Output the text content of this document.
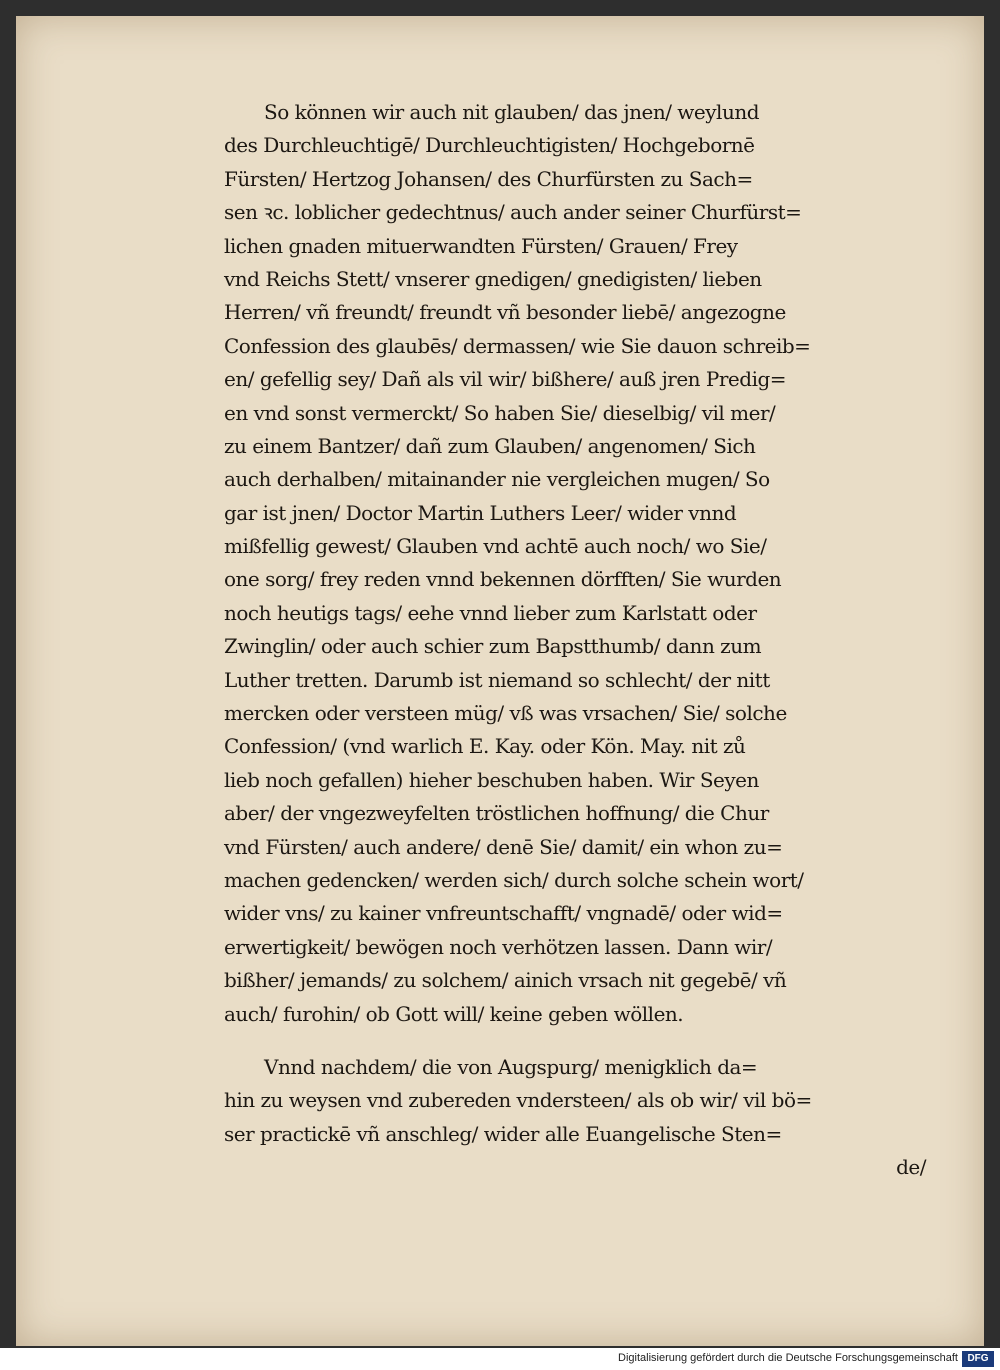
So können wir auch nit glauben/ das jnen/ weylund
des Durchleuchtigē/ Durchleuchtigisten/ Hochgebornē
Fürsten/ Hertzog Johansen/ des Churfürsten zu Sach=
sen ꝛc. loblicher gedechtnus/ auch ander seiner Churfürst=
lichen gnaden mituerwandten Fürsten/ Grauen/ Frey
vnd Reichs Stett/ vnserer gnedigen/ gnedigisten/ lieben
Herren/ vñ freundt/ freundt vñ besonder liebē/ angezogne
Confession des glaubēs/ dermassen/ wie Sie dauon schreib=
en/ gefellig sey/ Dañ als vil wir/ bißhere/ auß jren Predig=
en vnd sonst vermerckt/ So haben Sie/ dieselbig/ vil mer/
zu einem Bantzer/ dañ zum Glauben/ angenomen/ Sich
auch derhalben/ mitainander nie vergleichen mugen/ So
gar ist jnen/ Doctor Martin Luthers Leer/ wider vnnd
mißfellig gewest/ Glauben vnd achtē auch noch/ wo Sie/
one sorg/ frey reden vnnd bekennen dörfften/ Sie wurden
noch heutigs tags/ eehe vnnd lieber zum Karlstatt oder
Zwinglin/ oder auch schier zum Bapstthumb/ dann zum
Luther tretten. Darumb ist niemand so schlecht/ der nitt
mercken oder versteen müg/ vß was vrsachen/ Sie/ solche
Confession/ (vnd warlich E. Kay. oder Kön. May. nit zů
lieb noch gefallen) hieher beschuben haben. Wir Seyen
aber/ der vngezweyfelten tröstlichen hoffnung/ die Chur
vnd Fürsten/ auch andere/ denē Sie/ damit/ ein whon zu=
machen gedencken/ werden sich/ durch solche schein wort/
wider vns/ zu kainer vnfreuntschafft/ vngnadē/ oder wid=
erwertigkeit/ bewögen noch verhötzen lassen. Dann wir/
bißher/ jemands/ zu solchem/ ainich vrsach nit gegebē/ vñ
auch/ furohin/ ob Gott will/ keine geben wöllen.
Vnnd nachdem/ die von Augspurg/ menigklich da=
hin zu weysen vnd zubereden vndersteen/ als ob wir/ vil bö=
ser practickē vñ anschleg/ wider alle Euangelische Sten=
de/
Digitalisierung gefördert durch die Deutsche Forschungsgemeinschaft DFG
